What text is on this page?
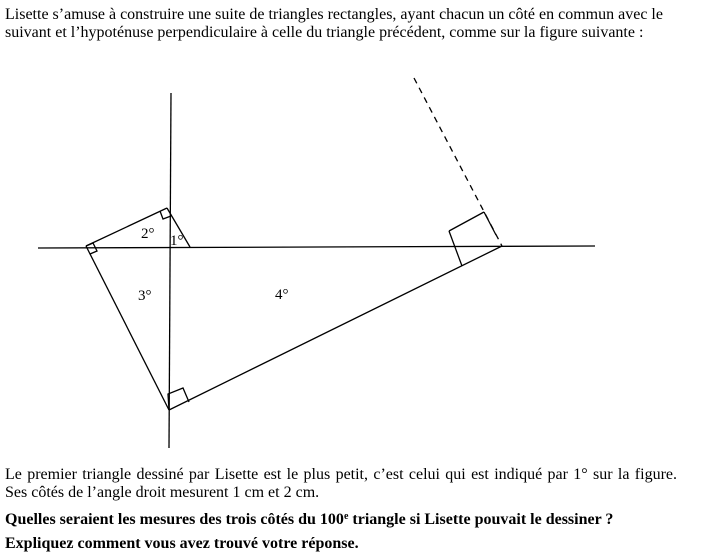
Lisette s’amuse à construire une suite de triangles rectangles, ayant chacun un côté en commun avec le suivant et l’hypoténuse perpendiculaire à celle du triangle précédent, comme sur la figure suivante :

1°
2°
3°	4°

Le premier triangle dessiné par Lisette est le plus petit, c’est celui qui est indiqué par 1° sur la figure. Ses côtés de l’angle droit mesurent 1 cm et 2 cm.

Quelles seraient les mesures des trois côtés du 100e triangle si Lisette pouvait le dessiner ?

Expliquez comment vous avez trouvé votre réponse.
